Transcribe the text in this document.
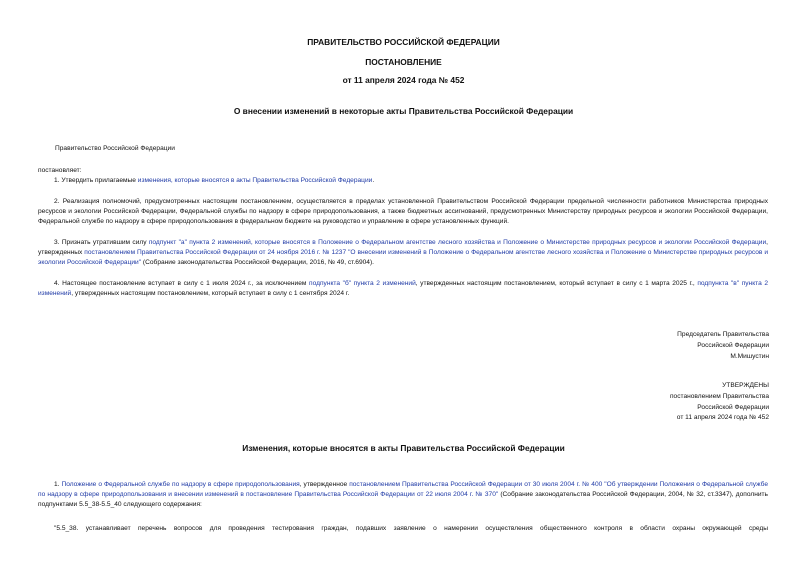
ПРАВИТЕЛЬСТВО РОССИЙСКОЙ ФЕДЕРАЦИИ
ПОСТАНОВЛЕНИЕ
от 11 апреля 2024 года № 452
О внесении изменений в некоторые акты Правительства Российской Федерации
Правительство Российской Федерации
постановляет:
1. Утвердить прилагаемые изменения, которые вносятся в акты Правительства Российской Федерации.
2. Реализация полномочий, предусмотренных настоящим постановлением, осуществляется в пределах установленной Правительством Российской Федерации предельной численности работников Министерства природных ресурсов и экологии Российской Федерации, Федеральной службы по надзору в сфере природопользования, а также бюджетных ассигнований, предусмотренных Министерству природных ресурсов и экологии Российской Федерации, Федеральной службе по надзору в сфере природопользования в федеральном бюджете на руководство и управление в сфере установленных функций.
3. Признать утратившим силу подпункт "а" пункта 2 изменений, которые вносятся в Положение о Федеральном агентстве лесного хозяйства и Положение о Министерстве природных ресурсов и экологии Российской Федерации, утвержденных постановлением Правительства Российской Федерации от 24 ноября 2016 г. № 1237 "О внесении изменений в Положение о Федеральном агентстве лесного хозяйства и Положение о Министерстве природных ресурсов и экологии Российской Федерации" (Собрание законодательства Российской Федерации, 2016, № 49, ст.6904).
4. Настоящее постановление вступает в силу с 1 июля 2024 г., за исключением подпункта "б" пункта 2 изменений, утвержденных настоящим постановлением, который вступает в силу с 1 марта 2025 г., подпункта "в" пункта 2 изменений, утвержденных настоящим постановлением, который вступает в силу с 1 сентября 2024 г.
Председатель Правительства
Российской Федерации
М.Мишустин
УТВЕРЖДЕНЫ
постановлением Правительства
Российской Федерации
от 11 апреля 2024 года № 452
Изменения, которые вносятся в акты Правительства Российской Федерации
1. Положение о Федеральной службе по надзору в сфере природопользования, утвержденное постановлением Правительства Российской Федерации от 30 июля 2004 г. № 400 "Об утверждении Положения о Федеральной службе по надзору в сфере природопользования и внесении изменений в постановление Правительства Российской Федерации от 22 июля 2004 г. № 370" (Собрание законодательства Российской Федерации, 2004, № 32, ст.3347), дополнить подпунктами 5.5_38-5.5_40 следующего содержания:
"5.5_38. устанавливает перечень вопросов для проведения тестирования граждан, подавших заявление о намерении осуществления общественного контроля в области охраны окружающей среды
